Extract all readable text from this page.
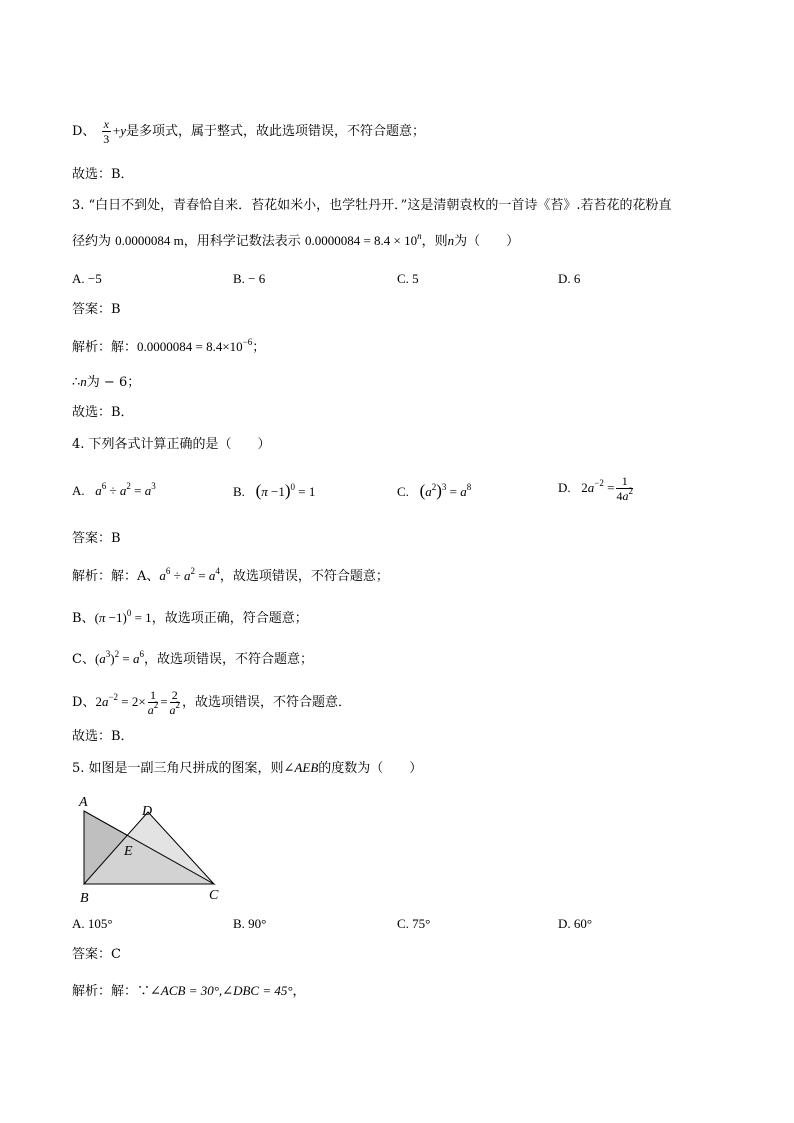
D、 $\frac{x}{3} +y$是多项式，属于整式，故此选项错误，不符合题意；
故选：B．
3. “白日不到处，青春恰自来．苔花如米小，也学牡丹开．”这是清朝袁枚的一首诗《苔》.若苔花的花粉直
径约为 0.0000084 m，用科学记数法表示 $0.0000084 = 8.4 \times 10^n$，则n为（　　）
A. −5	B. − 6	C. 5	D. 6
答案：B
解析：解：$0.0000084 = 8.4\times 10^{-6}$；
∴n为 − 6；
故选：B．
4. 下列各式计算正确的是（　　）
A. $a^6 \div a^2 = a^3$	B. $(\pi -1)^0 = 1$	C. $(a^2)^3 = a^8$	D.   $2a^{-2} = \frac{1}{4a^2}$
答案：B
解析：解：A、$a^6 \div a^2 = a^4$，故选项错误，不符合题意；
B、$(\pi -1)^0 = 1$，故选项正确，符合题意；
C、$(a^3)^2 = a^6$，故选项错误，不符合题意；
D、$2a^{-2} = 2\times \frac{1}{a^2} = \frac{2}{a^2}$ ，故选项错误，不符合题意．
故选：B．
5. 如图是一副三角尺拼成的图案，则∠AEB的度数为（　　）
A
D
E
B	C
A. 105°	B. 90°	C. 75°	D. 60°
答案：C
解析：解：∵∠ACB = 30°,∠DBC = 45°，
